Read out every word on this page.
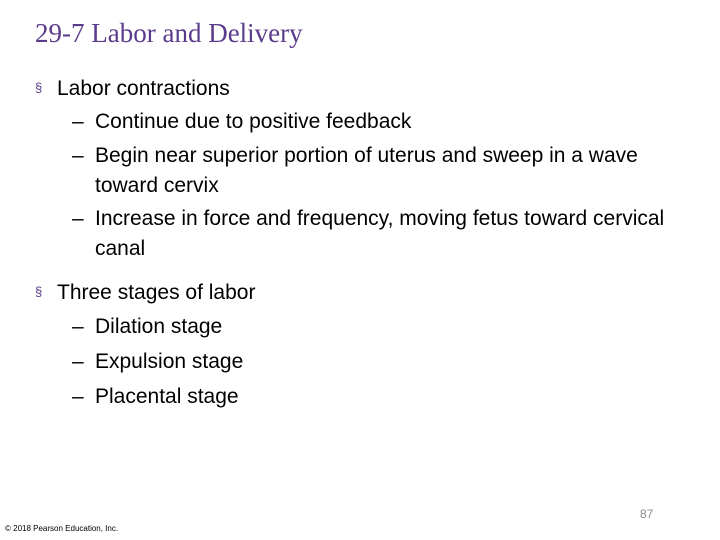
29-7 Labor and Delivery
§ Labor contractions
– Continue due to positive feedback
– Begin near superior portion of uterus and sweep in a wave toward cervix
– Increase in force and frequency, moving fetus toward cervical canal
§ Three stages of labor
– Dilation stage
– Expulsion stage
– Placental stage
87
© 2018 Pearson Education, Inc.
